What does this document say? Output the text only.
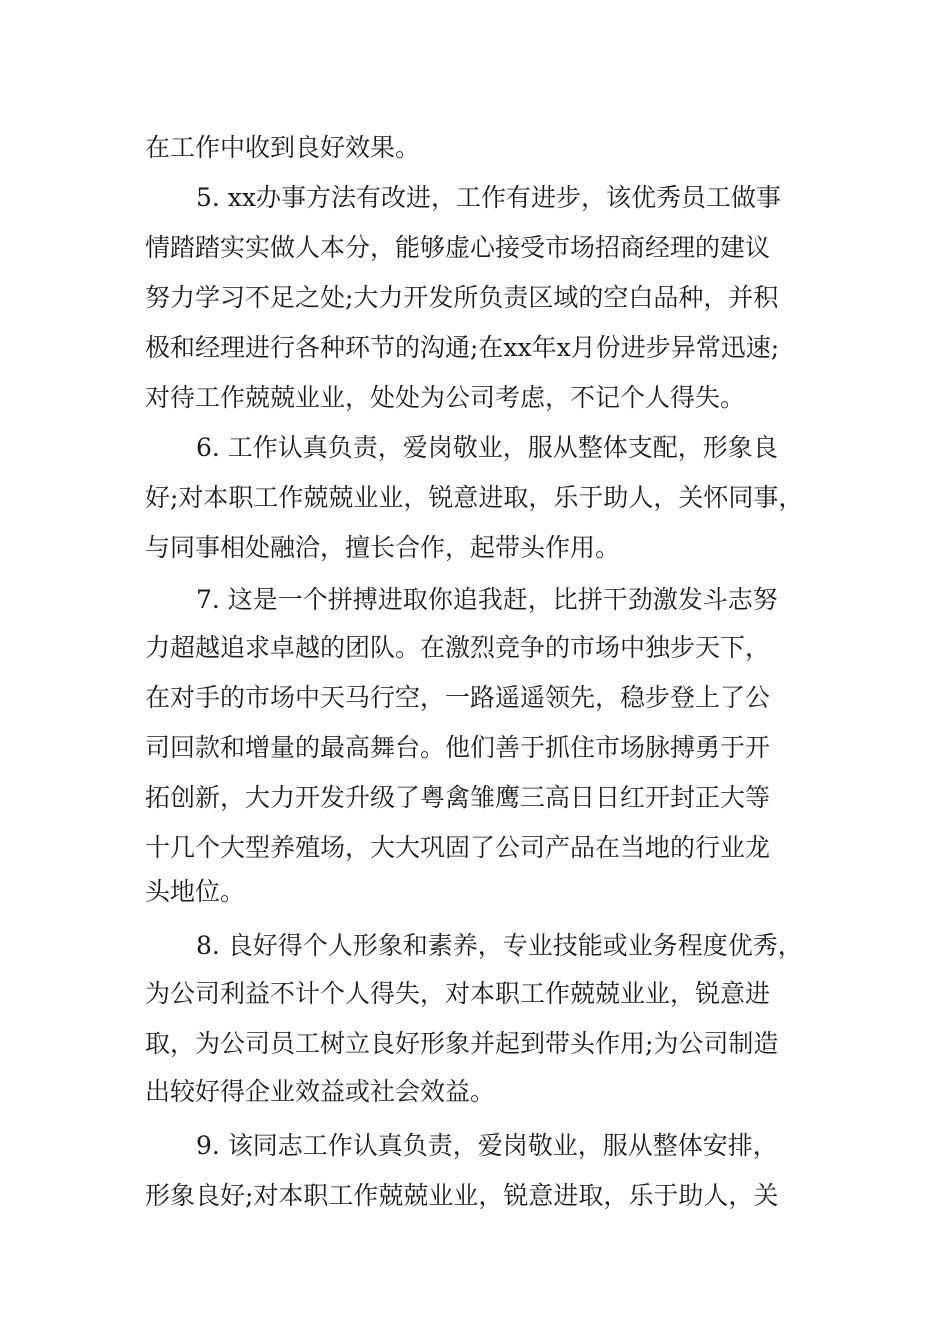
在工作中收到良好效果。
5. xx办事方法有改进，工作有进步，该优秀员工做事
情踏踏实实做人本分，能够虚心接受市场招商经理的建议
努力学习不足之处;大力开发所负责区域的空白品种，并积
极和经理进行各种环节的沟通;在xx年x月份进步异常迅速;
对待工作兢兢业业，处处为公司考虑，不记个人得失。
6. 工作认真负责，爱岗敬业，服从整体支配，形象良
好;对本职工作兢兢业业，锐意进取，乐于助人，关怀同事，
与同事相处融洽，擅长合作，起带头作用。
7. 这是一个拼搏进取你追我赶，比拼干劲激发斗志努
力超越追求卓越的团队。在激烈竞争的市场中独步天下，
在对手的市场中天马行空，一路遥遥领先，稳步登上了公
司回款和增量的最高舞台。他们善于抓住市场脉搏勇于开
拓创新，大力开发升级了粤禽雏鹰三高日日红开封正大等
十几个大型养殖场，大大巩固了公司产品在当地的行业龙
头地位。
8. 良好得个人形象和素养，专业技能或业务程度优秀，
为公司利益不计个人得失，对本职工作兢兢业业，锐意进
取，为公司员工树立良好形象并起到带头作用;为公司制造
出较好得企业效益或社会效益。
9. 该同志工作认真负责，爱岗敬业，服从整体安排，
形象良好;对本职工作兢兢业业，锐意进取，乐于助人，关
